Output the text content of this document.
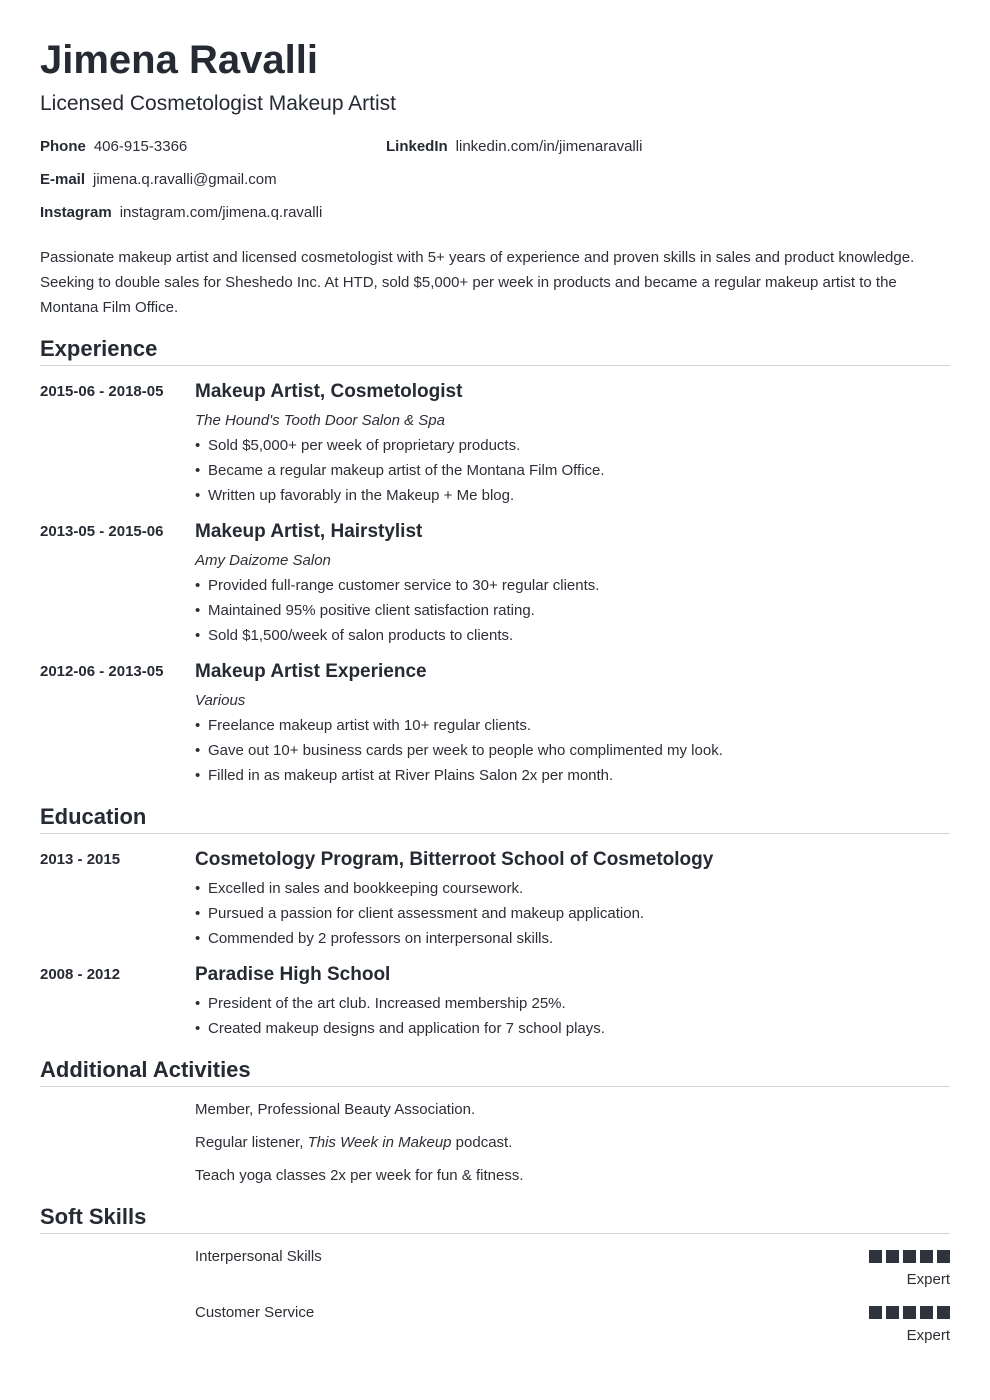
Jimena Ravalli
Licensed Cosmetologist Makeup Artist
Phone 406-915-3366	LinkedIn linkedin.com/in/jimenaravalli
E-mail jimena.q.ravalli@gmail.com
Instagram instagram.com/jimena.q.ravalli
Passionate makeup artist and licensed cosmetologist with 5+ years of experience and proven skills in sales and product knowledge. Seeking to double sales for Sheshedo Inc. At HTD, sold $5,000+ per week in products and became a regular makeup artist to the Montana Film Office.
Experience
2015-06 - 2018-05 Makeup Artist, Cosmetologist
The Hound's Tooth Door Salon & Spa
• Sold $5,000+ per week of proprietary products.
• Became a regular makeup artist of the Montana Film Office.
• Written up favorably in the Makeup + Me blog.
2013-05 - 2015-06 Makeup Artist, Hairstylist
Amy Daizome Salon
• Provided full-range customer service to 30+ regular clients.
• Maintained 95% positive client satisfaction rating.
• Sold $1,500/week of salon products to clients.
2012-06 - 2013-05 Makeup Artist Experience
Various
• Freelance makeup artist with 10+ regular clients.
• Gave out 10+ business cards per week to people who complimented my look.
• Filled in as makeup artist at River Plains Salon 2x per month.
Education
2013 - 2015	Cosmetology Program, Bitterroot School of Cosmetology
• Excelled in sales and bookkeeping coursework.
• Pursued a passion for client assessment and makeup application.
• Commended by 2 professors on interpersonal skills.
2008 - 2012	Paradise High School
• President of the art club. Increased membership 25%.
• Created makeup designs and application for 7 school plays.
Additional Activities
Member, Professional Beauty Association.
Regular listener, This Week in Makeup podcast.
Teach yoga classes 2x per week for fun & fitness.
Soft Skills
Interpersonal Skills
Expert
Customer Service
Expert
